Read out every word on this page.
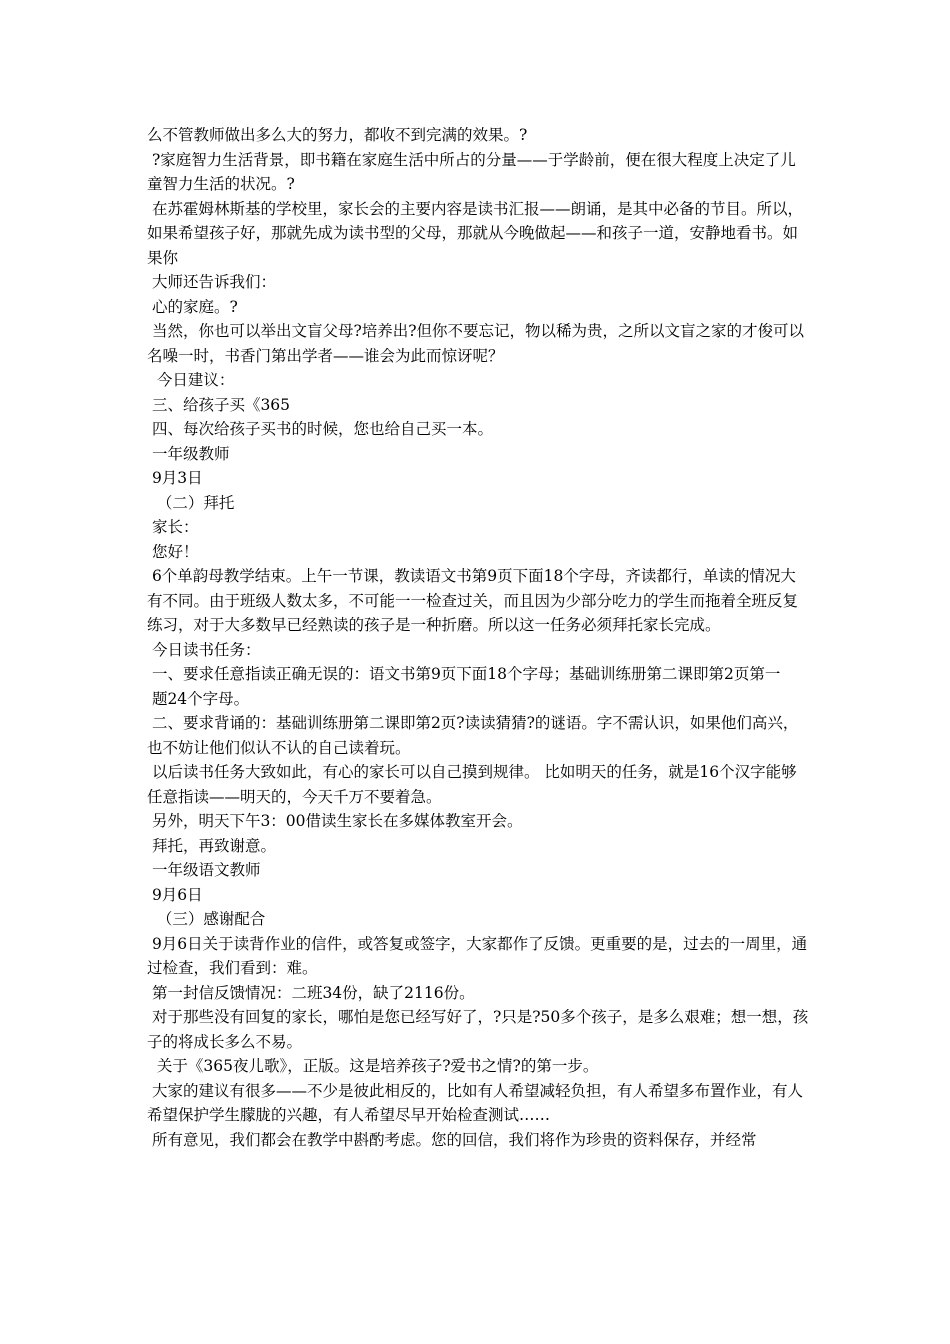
么不管教师做出多么大的努力，都收不到完满的效果。?

?家庭智力生活背景，即书籍在家庭生活中所占的分量——于学龄前，便在很大程度上决定了儿童智力生活的状况。?

在苏霍姆林斯基的学校里，家长会的主要内容是读书汇报——朗诵，是其中必备的节目。所以，如果希望孩子好，那就先成为读书型的父母，那就从今晚做起——和孩子一道，安静地看书。如果你

大师还告诉我们：

心的家庭。?

当然，你也可以举出文盲父母?培养出?但你不要忘记，物以稀为贵，之所以文盲之家的才俊可以名噪一时，书香门第出学者——谁会为此而惊讶呢？

今日建议：

三、给孩子买《365

四、每次给孩子买书的时候，您也给自己买一本。

一年级教师

9月3日

（二）拜托

家长：

您好！

6个单韵母教学结束。上午一节课，教读语文书第9页下面18个字母，齐读都行，单读的情况大有不同。由于班级人数太多，不可能一一检查过关，而且因为少部分吃力的学生而拖着全班反复练习，对于大多数早已经熟读的孩子是一种折磨。所以这一任务必须拜托家长完成。

今日读书任务：

一、要求任意指读正确无误的：语文书第9页下面18个字母；基础训练册第二课即第2页第一

题24个字母。

二、要求背诵的：基础训练册第二课即第2页?读读猜猜?的谜语。字不需认识，如果他们高兴，也不妨让他们似认不认的自己读着玩。

以后读书任务大致如此，有心的家长可以自己摸到规律。 比如明天的任务，就是16个汉字能够任意指读——明天的，今天千万不要着急。

另外，明天下午3：00借读生家长在多媒体教室开会。

拜托，再致谢意。

一年级语文教师

9月6日

（三）感谢配合

9月6日关于读背作业的信件，或答复或签字，大家都作了反馈。更重要的是，过去的一周里，通过检查，我们看到：难。

第一封信反馈情况：二班34份，缺了2116份。

对于那些没有回复的家长，哪怕是您已经写好了，?只是?50多个孩子，是多么艰难；想一想，孩子的将成长多么不易。

关于《365夜儿歌》，正版。这是培养孩子?爱书之情?的第一步。

大家的建议有很多——不少是彼此相反的，比如有人希望减轻负担，有人希望多布置作业，有人希望保护学生朦胧的兴趣，有人希望尽早开始检查测试……

所有意见，我们都会在教学中斟酌考虑。您的回信，我们将作为珍贵的资料保存，并经常
